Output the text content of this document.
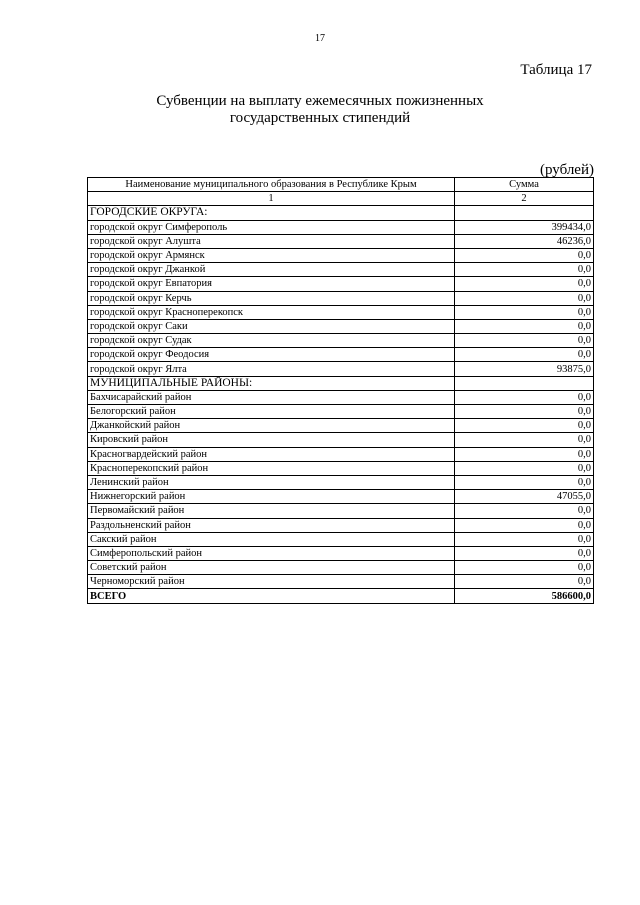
17
Таблица 17
Субвенции на выплату ежемесячных пожизненных
государственных стипендий
(рублей)
Наименование муниципального образования в Республике Крым	Сумма
1	2
ГОРОДСКИЕ ОКРУГА:	
городской округ Симферополь	399434,0
городской округ Алушта	46236,0
городской округ Армянск	0,0
городской округ Джанкой	0,0
городской округ Евпатория	0,0
городской округ Керчь	0,0
городской округ Красноперекопск	0,0
городской округ Саки	0,0
городской округ Судак	0,0
городской округ Феодосия	0,0
городской округ Ялта	93875,0
МУНИЦИПАЛЬНЫЕ РАЙОНЫ:	
Бахчисарайский район	0,0
Белогорский район	0,0
Джанкойский район	0,0
Кировский район	0,0
Красногвардейский район	0,0
Красноперекопский район	0,0
Ленинский район	0,0
Нижнегорский район	47055,0
Первомайский район	0,0
Раздольненский район	0,0
Сакский район	0,0
Симферопольский район	0,0
Советский район	0,0
Черноморский район	0,0
ВСЕГО	586600,0
